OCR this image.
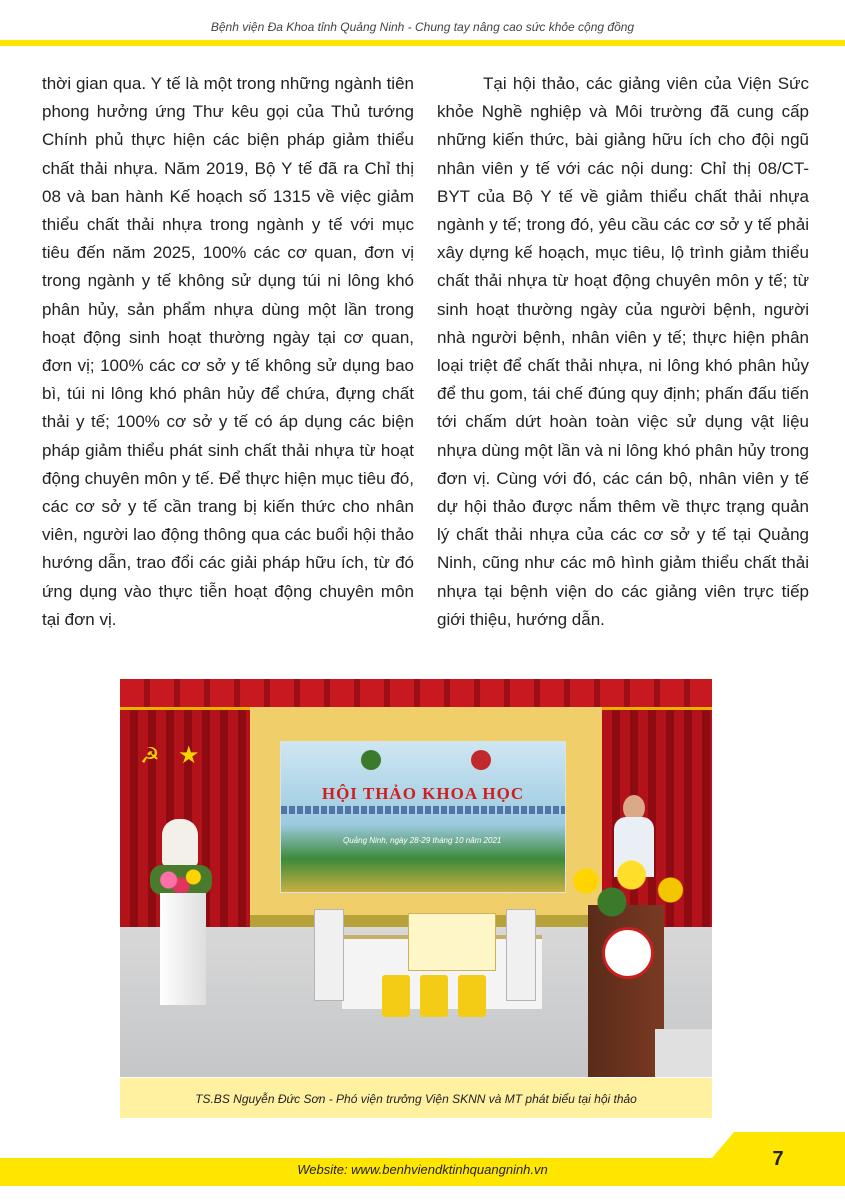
Bệnh viện Đa Khoa tỉnh Quảng Ninh - Chung tay nâng cao sức khỏe cộng đồng

thời gian qua. Y tế là một trong những ngành tiên phong hưởng ứng Thư kêu gọi của Thủ tướng Chính phủ thực hiện các biện pháp giảm thiểu chất thải nhựa. Năm 2019, Bộ Y tế đã ra Chỉ thị 08 và ban hành Kế hoạch số 1315 về việc giảm thiểu chất thải nhựa trong ngành y tế với mục tiêu đến năm 2025, 100% các cơ quan, đơn vị trong ngành y tế không sử dụng túi ni lông khó phân hủy, sản phẩm nhựa dùng một lần trong hoạt động sinh hoạt thường ngày tại cơ quan, đơn vị; 100% các cơ sở y tế không sử dụng bao bì, túi ni lông khó phân hủy để chứa, đựng chất thải y tế; 100% cơ sở y tế có áp dụng các biện pháp giảm thiểu phát sinh chất thải nhựa từ hoạt động chuyên môn y tế. Để thực hiện mục tiêu đó, các cơ sở y tế cần trang bị kiến thức cho nhân viên, người lao động thông qua các buổi hội thảo hướng dẫn, trao đổi các giải pháp hữu ích, từ đó ứng dụng vào thực tiễn hoạt động chuyên môn tại đơn vị.

Tại hội thảo, các giảng viên của Viện Sức khỏe Nghề nghiệp và Môi trường đã cung cấp những kiến thức, bài giảng hữu ích cho đội ngũ nhân viên y tế với các nội dung: Chỉ thị 08/CT-BYT của Bộ Y tế về giảm thiểu chất thải nhựa ngành y tế; trong đó, yêu cầu các cơ sở y tế phải xây dựng kế hoạch, mục tiêu, lộ trình giảm thiểu chất thải nhựa từ hoạt động chuyên môn y tế; từ sinh hoạt thường ngày của người bệnh, người nhà người bệnh, nhân viên y tế; thực hiện phân loại triệt để chất thải nhựa, ni lông khó phân hủy để thu gom, tái chế đúng quy định; phấn đấu tiến tới chấm dứt hoàn toàn việc sử dụng vật liệu nhựa dùng một lần và ni lông khó phân hủy trong đơn vị. Cùng với đó, các cán bộ, nhân viên y tế dự hội thảo được nắm thêm về thực trạng quản lý chất thải nhựa của các cơ sở y tế tại Quảng Ninh, cũng như các mô hình giảm thiểu chất thải nhựa tại bệnh viện do các giảng viên trực tiếp giới thiệu, hướng dẫn.

☭ ★
HỘI THẢO KHOA HỌC
Quảng Ninh, ngày 28-29 tháng 10 năm 2021
TS.BS Nguyễn Đức Sơn - Phó viện trưởng Viện SKNN và MT phát biểu tại hội thảo
7
Website: www.benhviendktinhquangninh.vn
